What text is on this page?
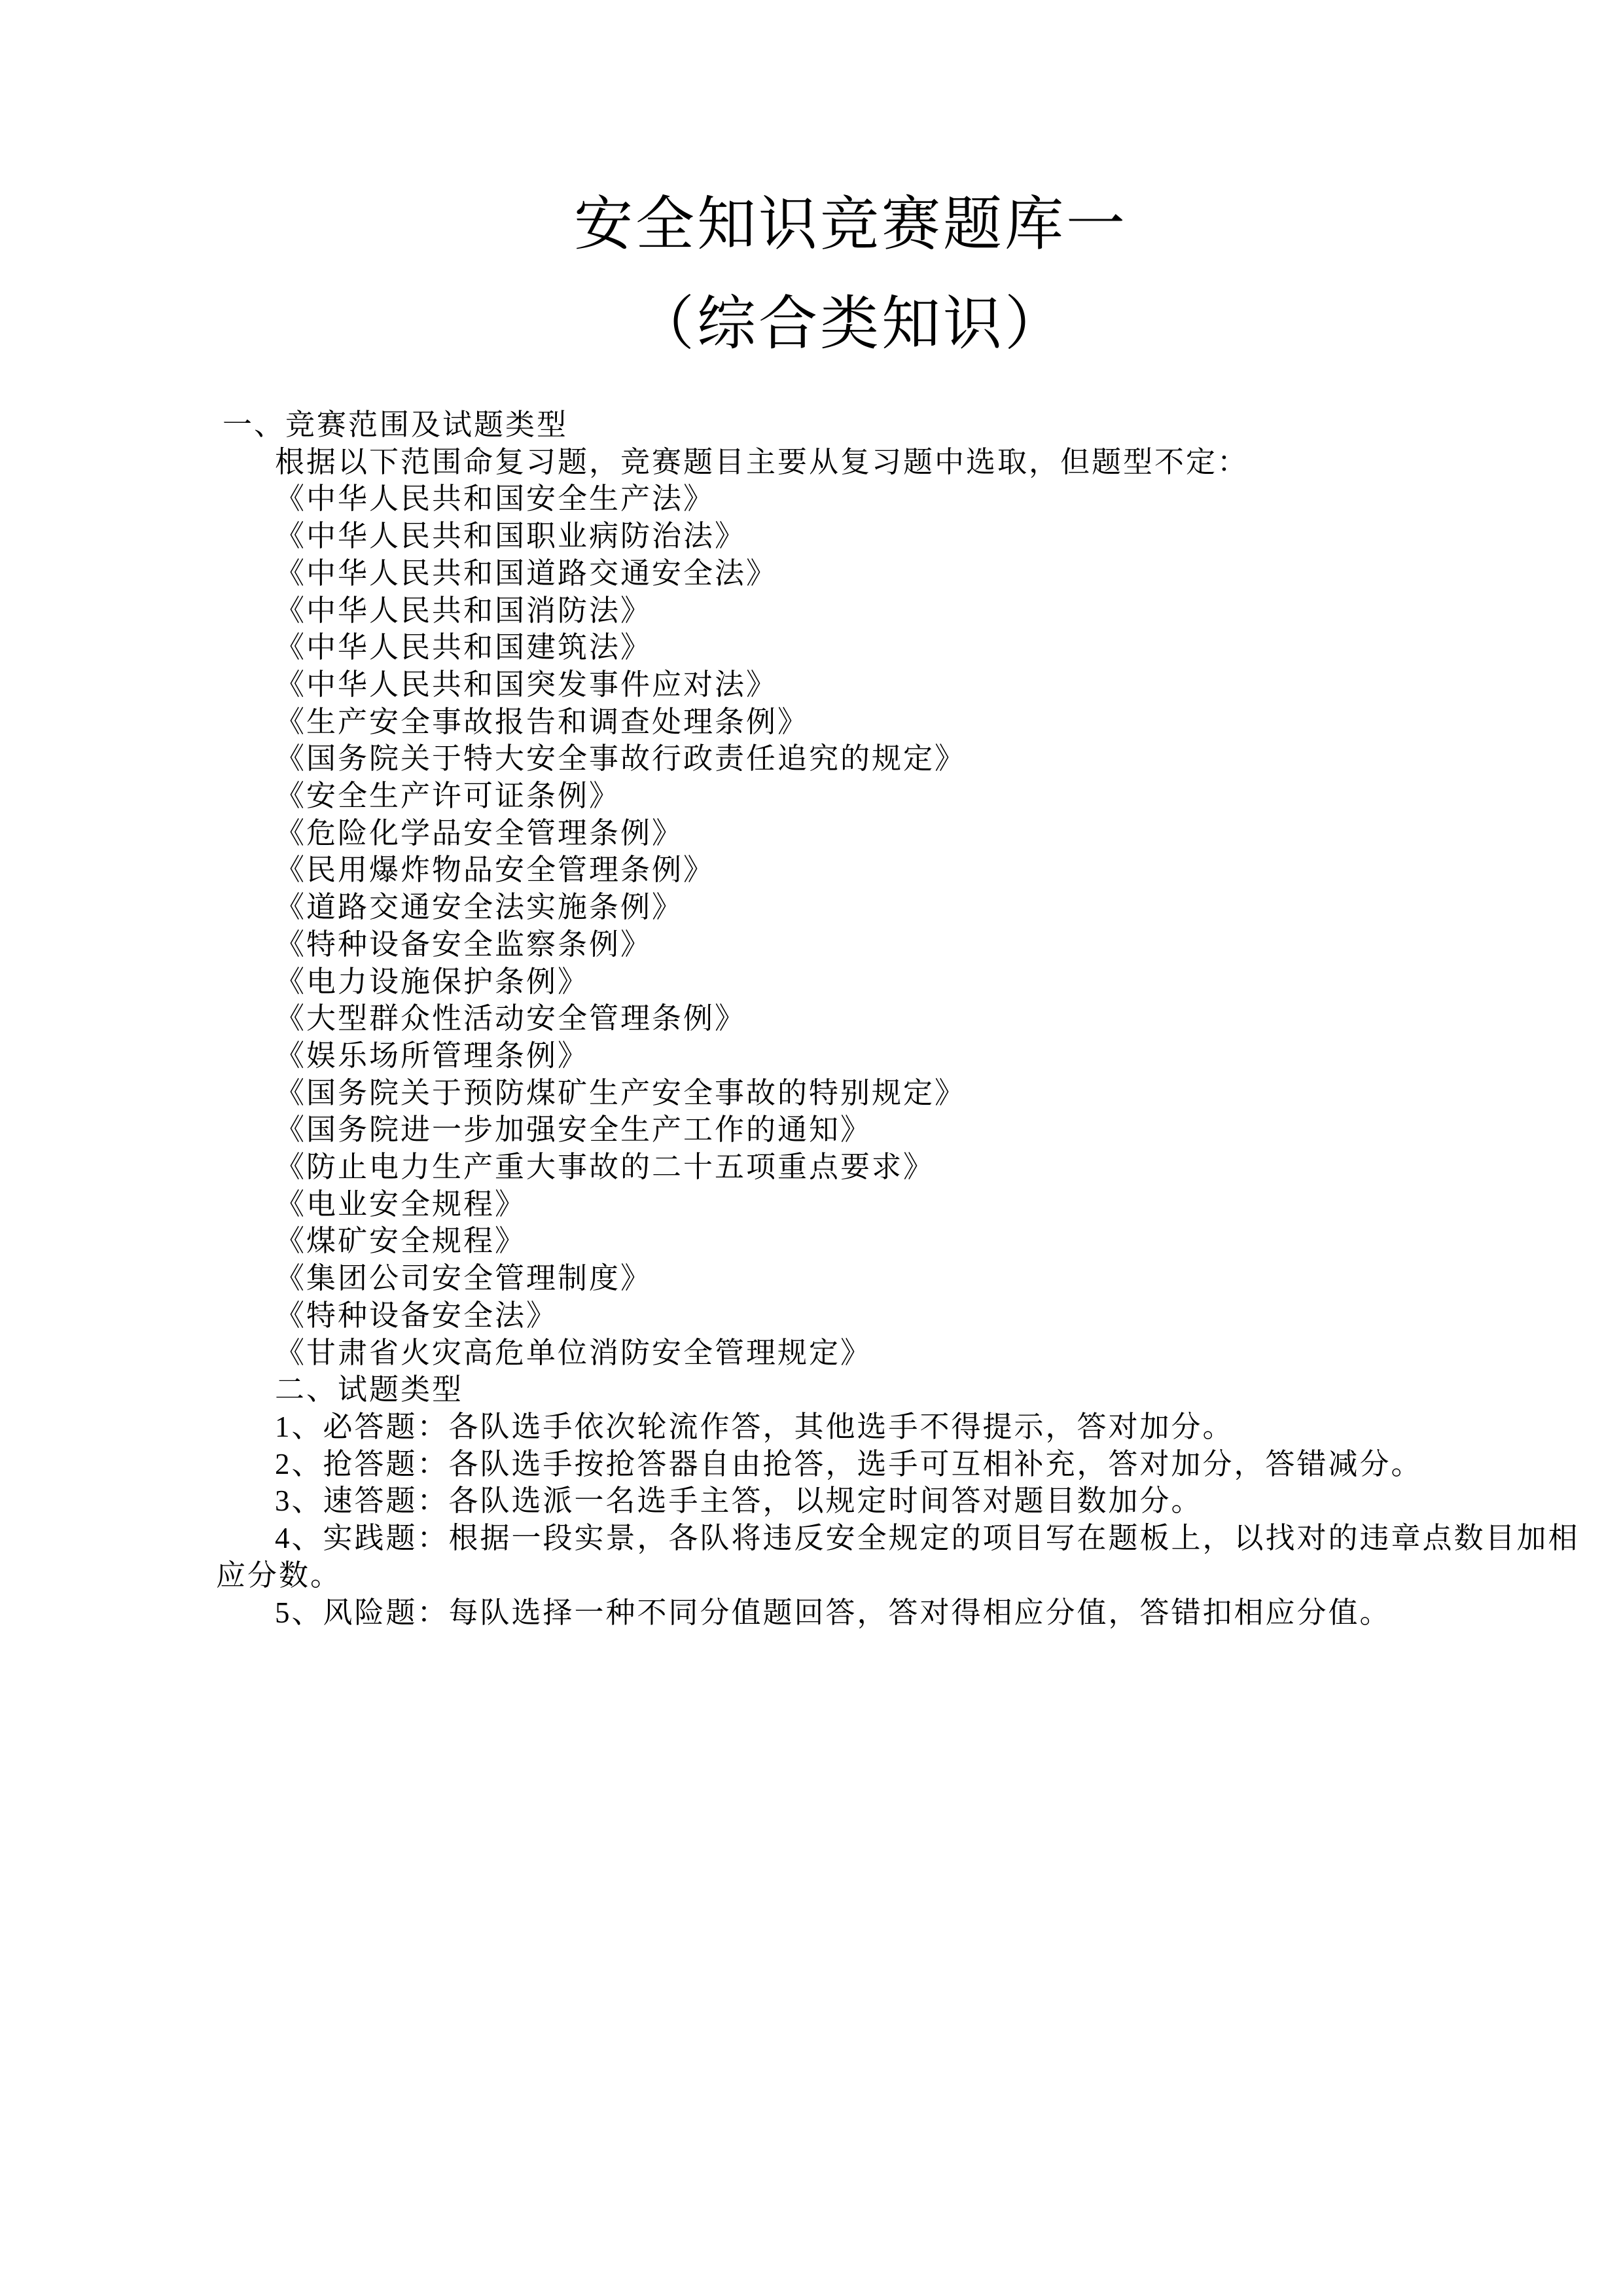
安全知识竞赛题库一
（综合类知识）
一、竞赛范围及试题类型
根据以下范围命复习题，竞赛题目主要从复习题中选取，但题型不定：
《中华人民共和国安全生产法》
《中华人民共和国职业病防治法》
《中华人民共和国道路交通安全法》
《中华人民共和国消防法》
《中华人民共和国建筑法》
《中华人民共和国突发事件应对法》
《生产安全事故报告和调查处理条例》
《国务院关于特大安全事故行政责任追究的规定》
《安全生产许可证条例》
《危险化学品安全管理条例》
《民用爆炸物品安全管理条例》
《道路交通安全法实施条例》
《特种设备安全监察条例》
《电力设施保护条例》
《大型群众性活动安全管理条例》
《娱乐场所管理条例》
《国务院关于预防煤矿生产安全事故的特别规定》
《国务院进一步加强安全生产工作的通知》
《防止电力生产重大事故的二十五项重点要求》
《电业安全规程》
《煤矿安全规程》
《集团公司安全管理制度》
《特种设备安全法》
《甘肃省火灾高危单位消防安全管理规定》
二、试题类型
1、必答题：各队选手依次轮流作答，其他选手不得提示，答对加分。
2、抢答题：各队选手按抢答器自由抢答，选手可互相补充，答对加分，答错减分。
3、速答题：各队选派一名选手主答，以规定时间答对题目数加分。
4、实践题：根据一段实景，各队将违反安全规定的项目写在题板上，以找对的违章点数目加相
应分数。
5、风险题：每队选择一种不同分值题回答，答对得相应分值，答错扣相应分值。
